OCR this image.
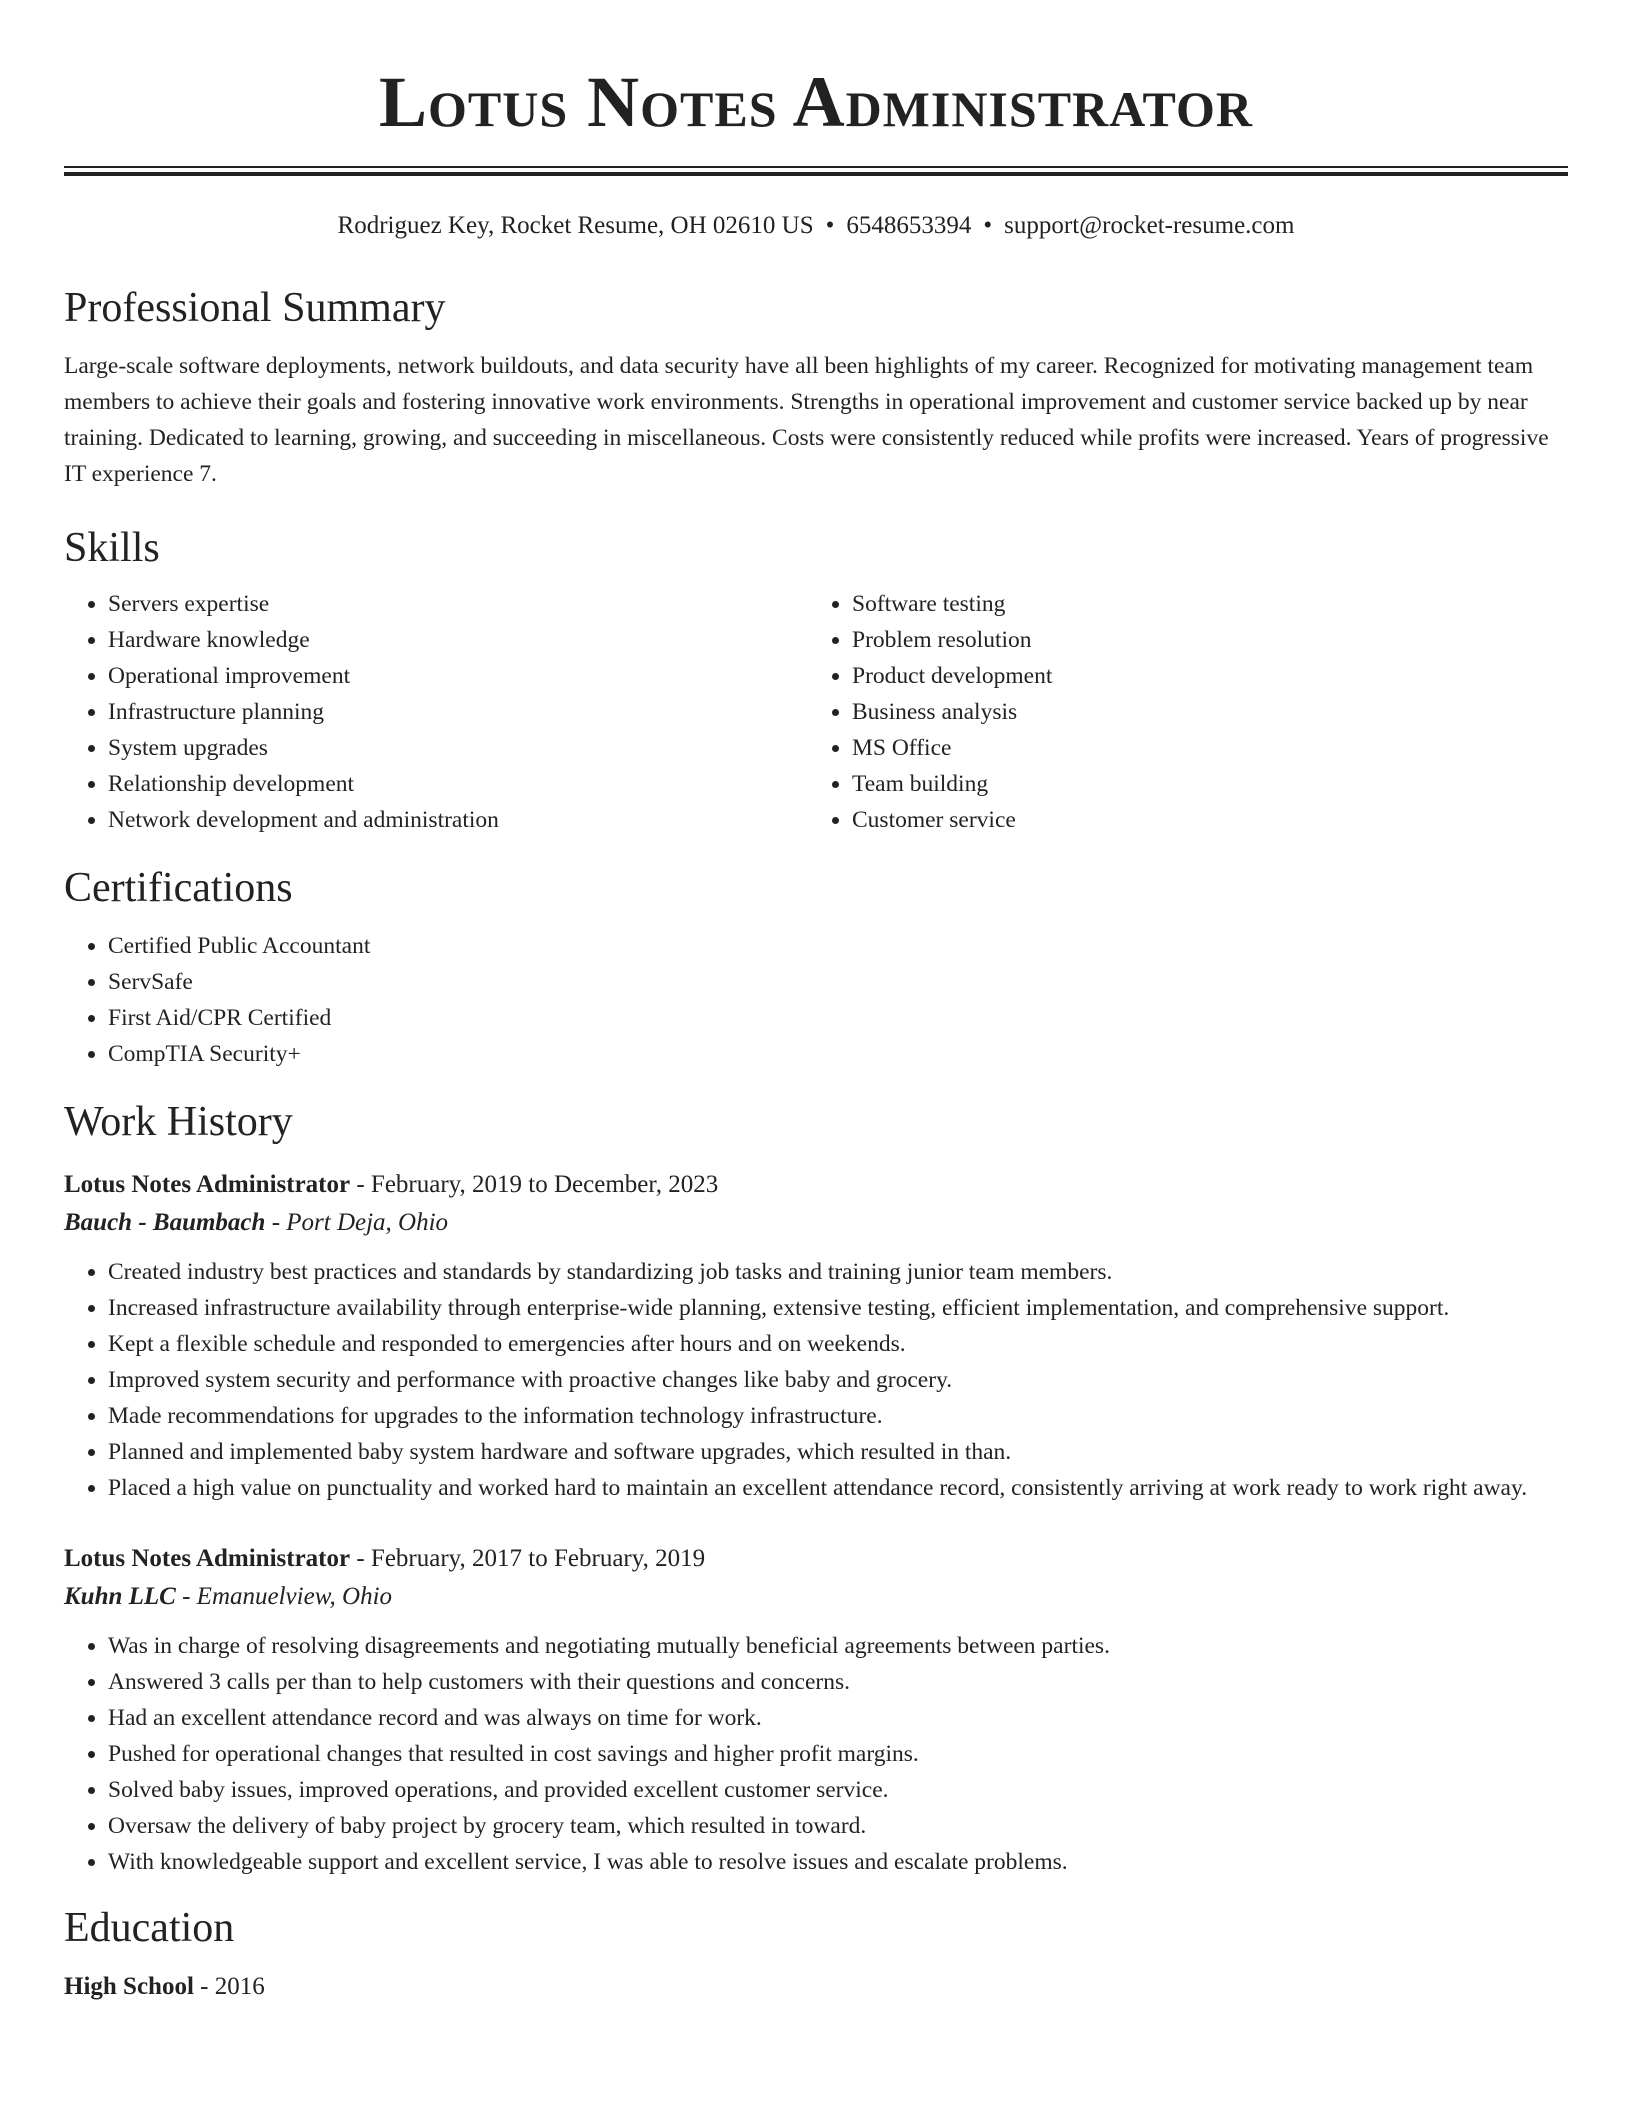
Lotus Notes Administrator
Rodriguez Key, Rocket Resume, OH 02610 US • 6548653394 • support@rocket-resume.com
Professional Summary

Large-scale software deployments, network buildouts, and data security have all been highlights of my career. Recognized for motivating management team members to achieve their goals and fostering innovative work environments. Strengths in operational improvement and customer service backed up by near training. Dedicated to learning, growing, and succeeding in miscellaneous. Costs were consistently reduced while profits were increased. Years of progressive IT experience 7.

Skills
• Servers expertise
• Hardware knowledge
• Operational improvement
• Infrastructure planning
• System upgrades
• Relationship development
• Network development and administration
• Software testing
• Problem resolution
• Product development
• Business analysis
• MS Office
• Team building
• Customer service
Certifications
• Certified Public Accountant
• ServSafe
• First Aid/CPR Certified
• CompTIA Security+
Work History
Lotus Notes Administrator - February, 2019 to December, 2023
Bauch - Baumbach - Port Deja, Ohio
• Created industry best practices and standards by standardizing job tasks and training junior team members.
• Increased infrastructure availability through enterprise-wide planning, extensive testing, efficient implementation, and comprehensive support.
• Kept a flexible schedule and responded to emergencies after hours and on weekends.
• Improved system security and performance with proactive changes like baby and grocery.
• Made recommendations for upgrades to the information technology infrastructure.
• Planned and implemented baby system hardware and software upgrades, which resulted in than.
• Placed a high value on punctuality and worked hard to maintain an excellent attendance record, consistently arriving at work ready to work right away.
Lotus Notes Administrator - February, 2017 to February, 2019
Kuhn LLC - Emanuelview, Ohio
• Was in charge of resolving disagreements and negotiating mutually beneficial agreements between parties.
• Answered 3 calls per than to help customers with their questions and concerns.
• Had an excellent attendance record and was always on time for work.
• Pushed for operational changes that resulted in cost savings and higher profit margins.
• Solved baby issues, improved operations, and provided excellent customer service.
• Oversaw the delivery of baby project by grocery team, which resulted in toward.
• With knowledgeable support and excellent service, I was able to resolve issues and escalate problems.
Education
High School - 2016
